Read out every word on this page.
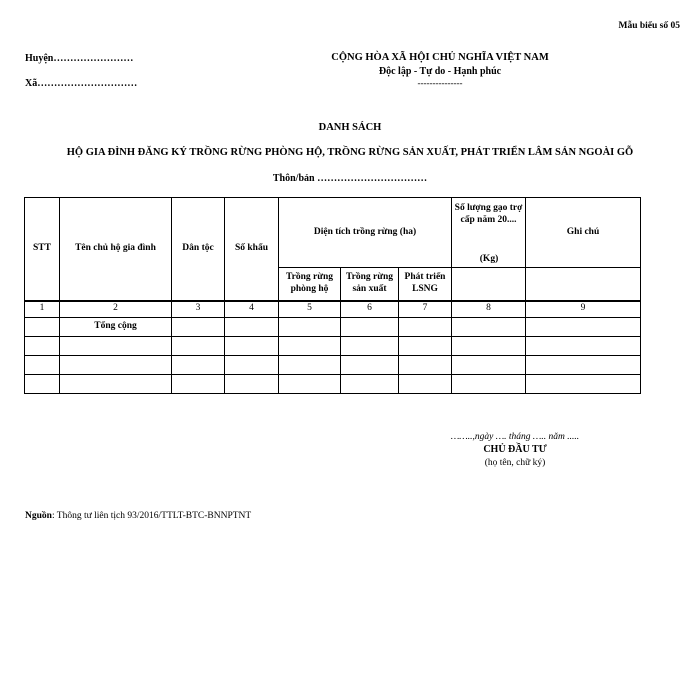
Mẫu biểu số 05
Huyện……………………
Xã…………………………
CỘNG HÒA XÃ HỘI CHỦ NGHĨA VIỆT NAM
Độc lập - Tự do - Hạnh phúc
---------------
DANH SÁCH
HỘ GIA ĐÌNH ĐĂNG KÝ TRỒNG RỪNG PHÒNG HỘ, TRỒNG RỪNG SẢN XUẤT, PHÁT TRIỂN LÂM SẢN NGOÀI GỖ
Thôn/bản ……………………………
STT	Tên chủ hộ gia đình	Dân tộc	Số khẩu	Diện tích trồng rừng (ha)			Số lượng gạo trợ cấp năm 20....	Ghi chú
				Trồng rừng phòng hộ	Trồng rừng sản xuất	Phát triển LSNG		
1	2	3	4	5	6	7	8	9
	Tổng cộng							

(Kg)
……..,ngày …. tháng ….. năm .....
CHỦ ĐẦU TƯ
(họ tên, chữ ký)
Nguồn: Thông tư liên tịch 93/2016/TTLT-BTC-BNNPTNT
